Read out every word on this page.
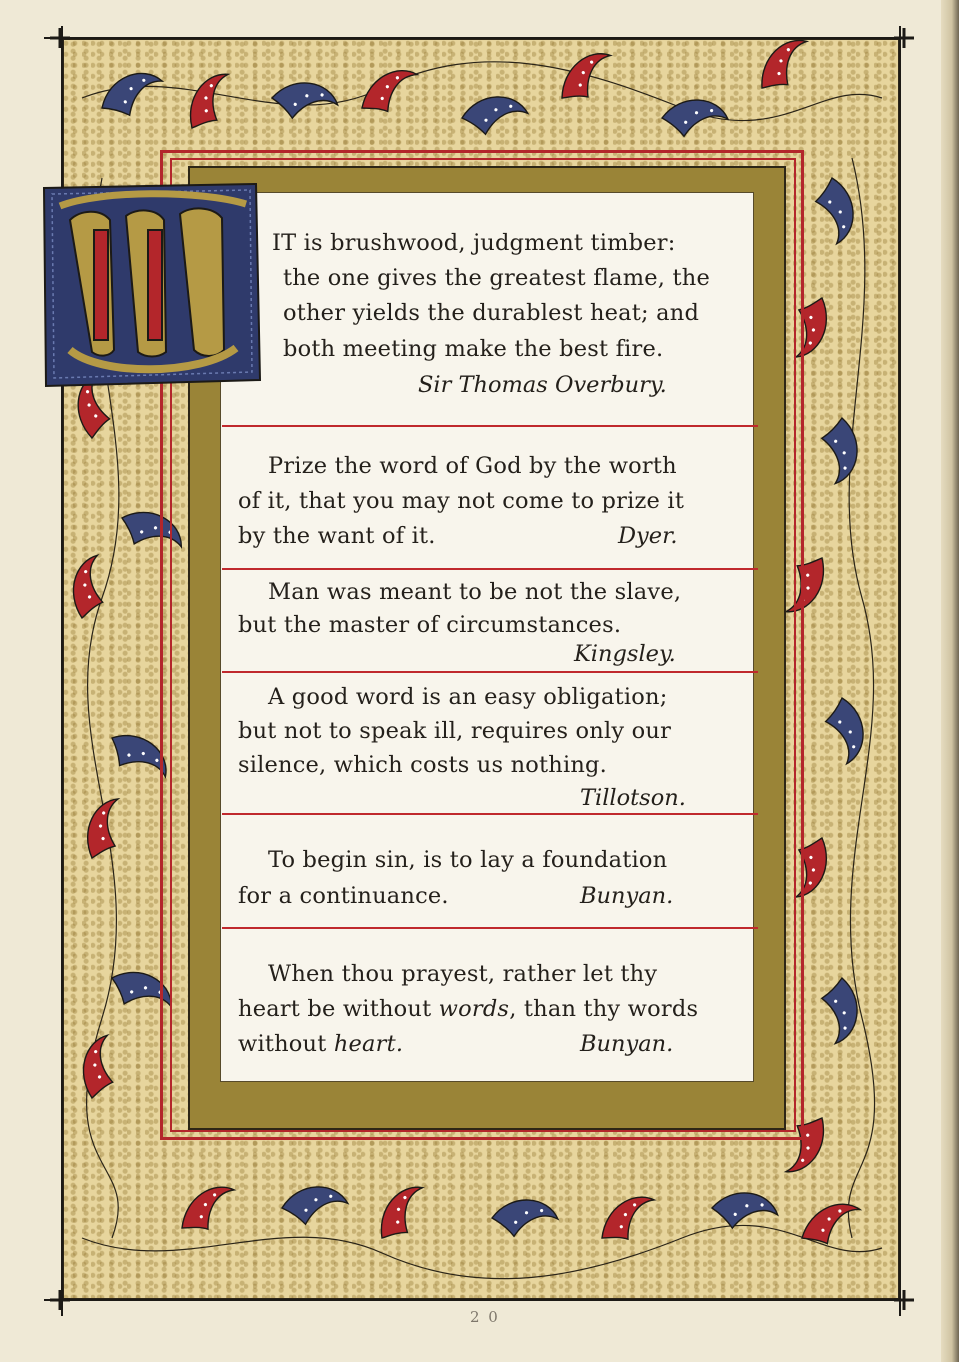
IT is brushwood, judgment timber:
the one gives the greatest flame, the
other yields the durablest heat; and
both meeting make the best fire.
Sir Thomas Overbury.
Prize the word of God by the worth
of it, that you may not come to prize it
by the want of it.	Dyer.
Man was meant to be not the slave,
but the master of circumstances.
Kingsley.
A good word is an easy obligation;
but not to speak ill, requires only our
silence, which costs us nothing.
Tillotson.
To begin sin, is to lay a foundation
for a continuance.	Bunyan.
When thou prayest, rather let thy
heart be without words, than thy words
without heart.	Bunyan.
2 0
